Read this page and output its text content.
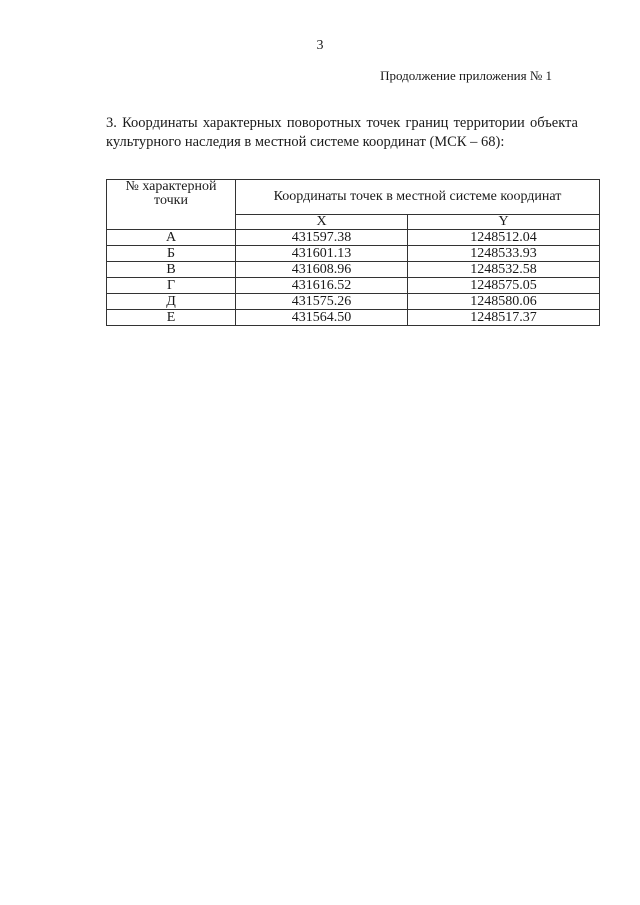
3
Продолжение приложения № 1
3. Координаты характерных поворотных точек границ территории объекта культурного наследия в местной системе координат (МСК – 68):
№ характерной точки	Координаты точек в местной системе координат	
	X	Y
А	431597.38	1248512.04
Б	431601.13	1248533.93
В	431608.96	1248532.58
Г	431616.52	1248575.05
Д	431575.26	1248580.06
Е	431564.50	1248517.37
